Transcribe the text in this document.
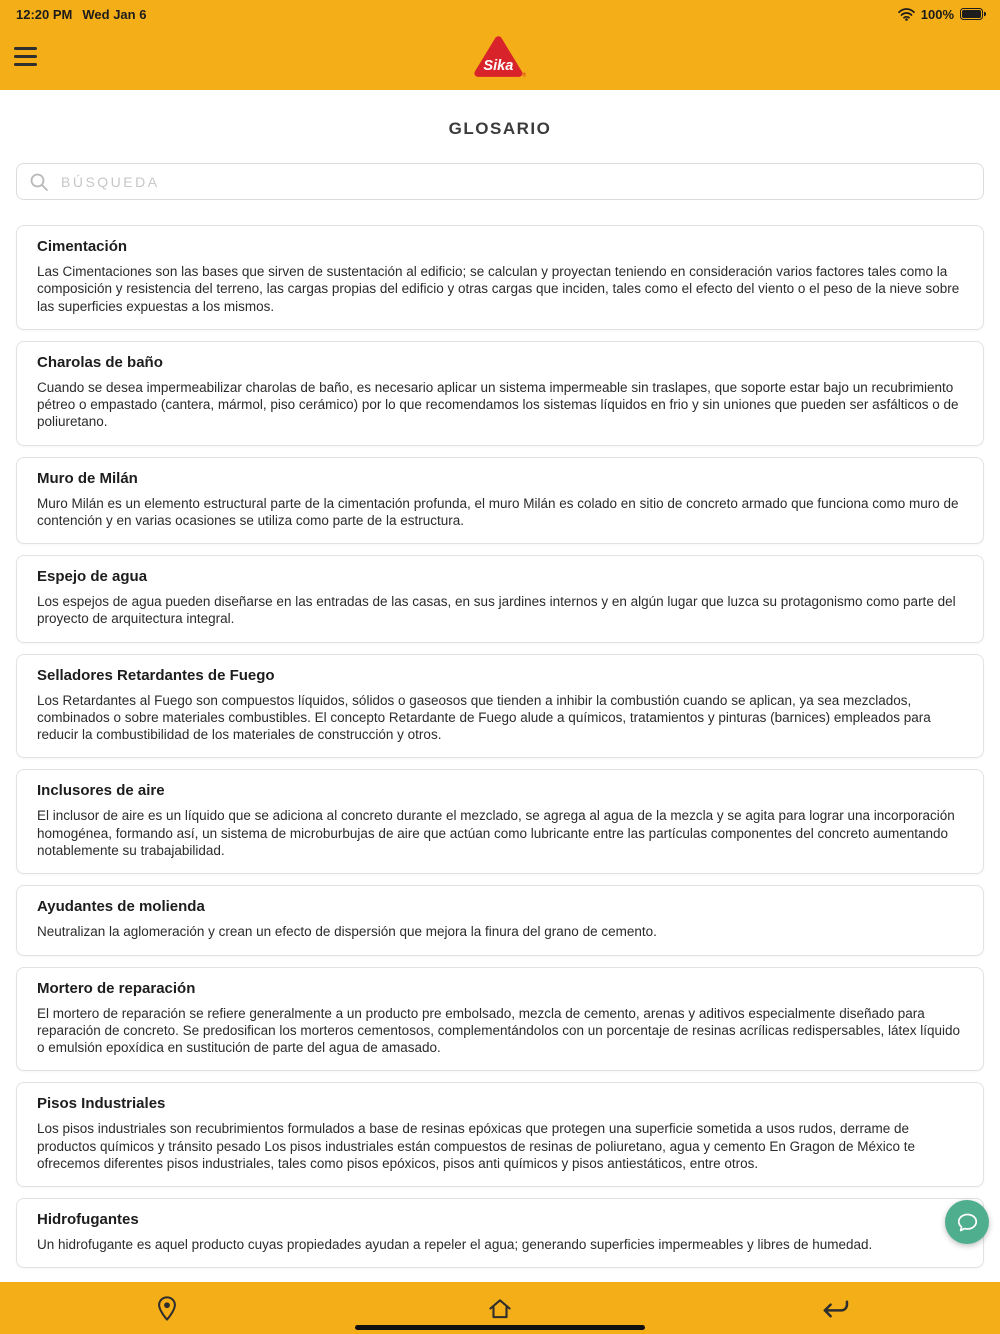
12:20 PM Wed Jan 6	100%
Sika
®
GLOSARIO
BÚSQUEDA
Cimentación

Las Cimentaciones son las bases que sirven de sustentación al edificio; se calculan y proyectan teniendo en consideración varios factores tales como la composición y resistencia del terreno, las cargas propias del edificio y otras cargas que inciden, tales como el efecto del viento o el peso de la nieve sobre las superficies expuestas a los mismos.

Charolas de baño

Cuando se desea impermeabilizar charolas de baño, es necesario aplicar un sistema impermeable sin traslapes, que soporte estar bajo un recubrimiento pétreo o empastado (cantera, mármol, piso cerámico) por lo que recomendamos los sistemas líquidos en frio y sin uniones que pueden ser asfálticos o de poliuretano.

Muro de Milán

Muro Milán es un elemento estructural parte de la cimentación profunda, el muro Milán es colado en sitio de concreto armado que funciona como muro de contención y en varias ocasiones se utiliza como parte de la estructura.

Espejo de agua

Los espejos de agua pueden diseñarse en las entradas de las casas, en sus jardines internos y en algún lugar que luzca su protagonismo como parte del proyecto de arquitectura integral.

Selladores Retardantes de Fuego

Los Retardantes al Fuego son compuestos líquidos, sólidos o gaseosos que tienden a inhibir la combustión cuando se aplican, ya sea mezclados, combinados o sobre materiales combustibles. El concepto Retardante de Fuego alude a químicos, tratamientos y pinturas (barnices) empleados para reducir la combustibilidad de los materiales de construcción y otros.

Inclusores de aire

El inclusor de aire es un líquido que se adiciona al concreto durante el mezclado, se agrega al agua de la mezcla y se agita para lograr una incorporación homogénea, formando así, un sistema de microburbujas de aire que actúan como lubricante entre las partículas componentes del concreto aumentando notablemente su trabajabilidad.

Ayudantes de molienda

Neutralizan la aglomeración y crean un efecto de dispersión que mejora la finura del grano de cemento.

Mortero de reparación

El mortero de reparación se refiere generalmente a un producto pre embolsado, mezcla de cemento, arenas y aditivos especialmente diseñado para reparación de concreto. Se predosifican los morteros cementosos, complementándolos con un porcentaje de resinas acrílicas redispersables, látex líquido o emulsión epoxídica en sustitución de parte del agua de amasado.

Pisos Industriales

Los pisos industriales son recubrimientos formulados a base de resinas epóxicas que protegen una superficie sometida a usos rudos, derrame de productos químicos y tránsito pesado Los pisos industriales están compuestos de resinas de poliuretano, agua y cemento En Gragon de México te ofrecemos diferentes pisos industriales, tales como pisos epóxicos, pisos anti químicos y pisos antiestáticos, entre otros.

Hidrofugantes

Un hidrofugante es aquel producto cuyas propiedades ayudan a repeler el agua; generando superficies impermeables y libres de humedad.
